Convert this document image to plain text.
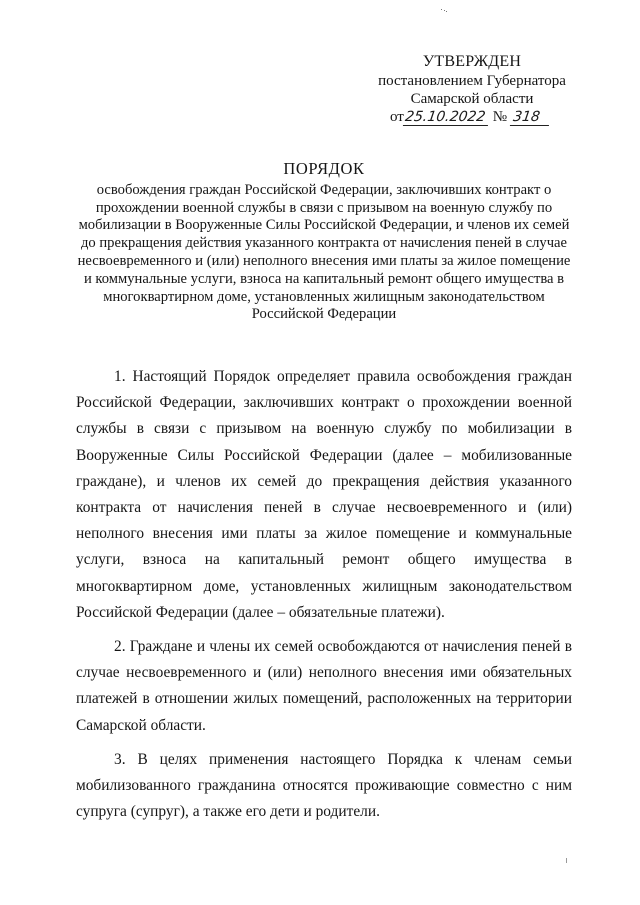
УТВЕРЖДЕН
постановлением Губернатора
Самарской области
от25.10.2022 № 318
ПОРЯДОК
освобождения граждан Российской Федерации, заключивших контракт о прохождении военной службы в связи с призывом на военную службу по мобилизации в Вооруженные Силы Российской Федерации, и членов их семей до прекращения действия указанного контракта от начисления пеней в случае несвоевременного и (или) неполного внесения ими платы за жилое помещение и коммунальные услуги, взноса на капитальный ремонт общего имущества в многоквартирном доме, установленных жилищным законодательством Российской Федерации

1. Настоящий Порядок определяет правила освобождения граждан Российской Федерации, заключивших контракт о прохождении военной службы в связи с призывом на военную службу по мобилизации в Вооруженные Силы Российской Федерации (далее – мобилизованные граждане), и членов их семей до прекращения действия указанного контракта от начисления пеней в случае несвоевременного и (или) неполного внесения ими платы за жилое помещение и коммунальные услуги, взноса на капитальный ремонт общего имущества в многоквартирном доме, установленных жилищным законодательством Российской Федерации (далее – обязательные платежи).

2. Граждане и члены их семей освобождаются от начисления пеней в случае несвоевременного и (или) неполного внесения ими обязательных платежей в отношении жилых помещений, расположенных на территории Самарской области.

3. В целях применения настоящего Порядка к членам семьи мобилизованного гражданина относятся проживающие совместно с ним супруга (супруг), а также его дети и родители.
